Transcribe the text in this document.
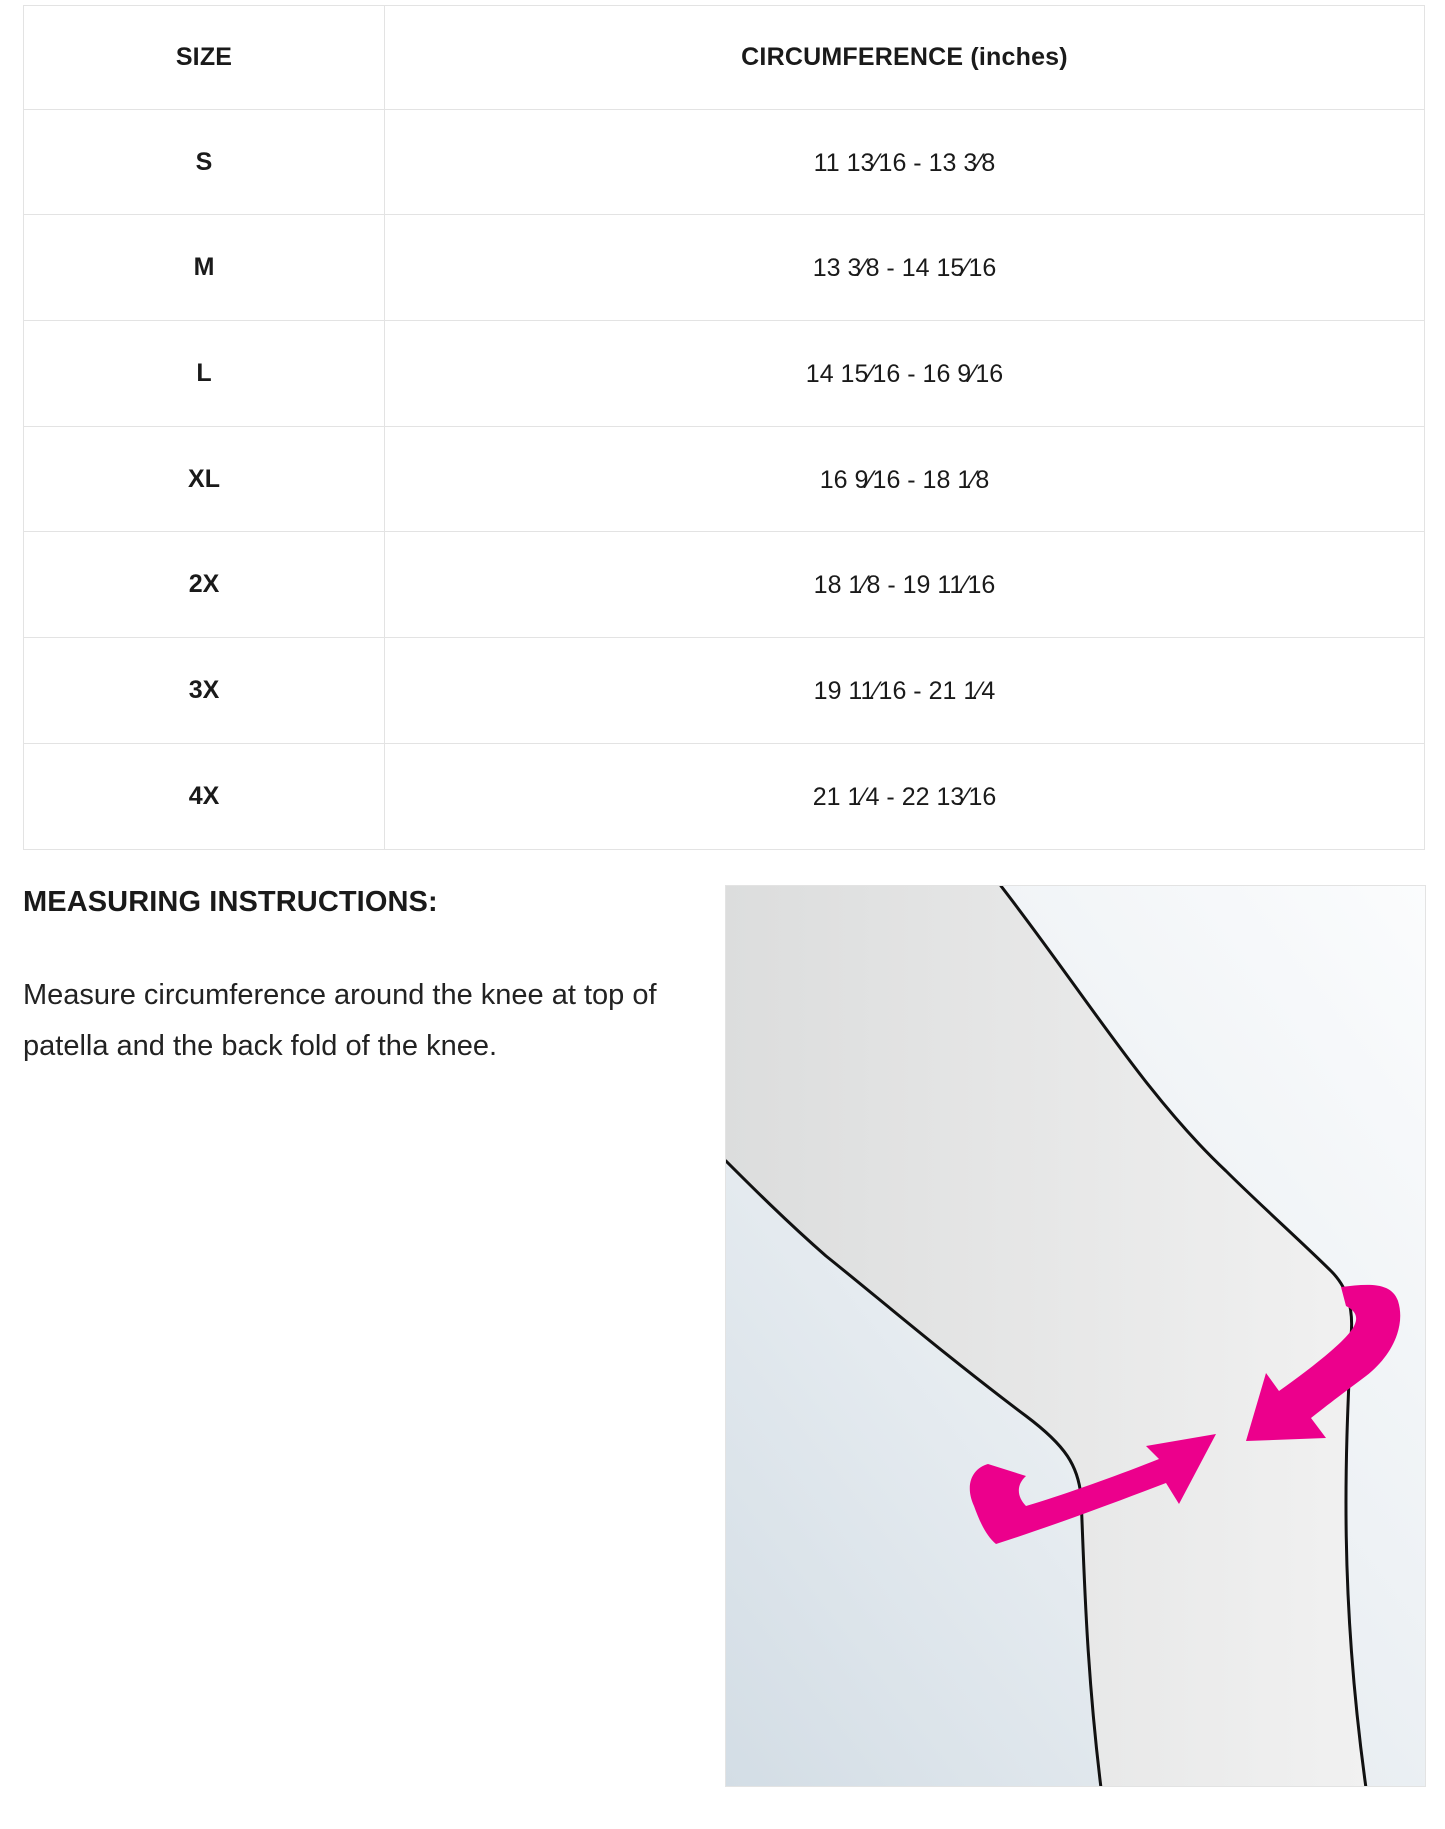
SIZE	CIRCUMFERENCE (inches)
S	11 13⁄16 - 13 3⁄8
M	13 3⁄8 - 14 15⁄16
L	14 15⁄16 - 16 9⁄16
XL	16 9⁄16 - 18 1⁄8
2X	18 1⁄8 - 19 11⁄16
3X	19 11⁄16 - 21 1⁄4
4X	21 1⁄4 - 22 13⁄16
MEASURING INSTRUCTIONS:

Measure circumference around the knee at top of patella and the back fold of the knee.
